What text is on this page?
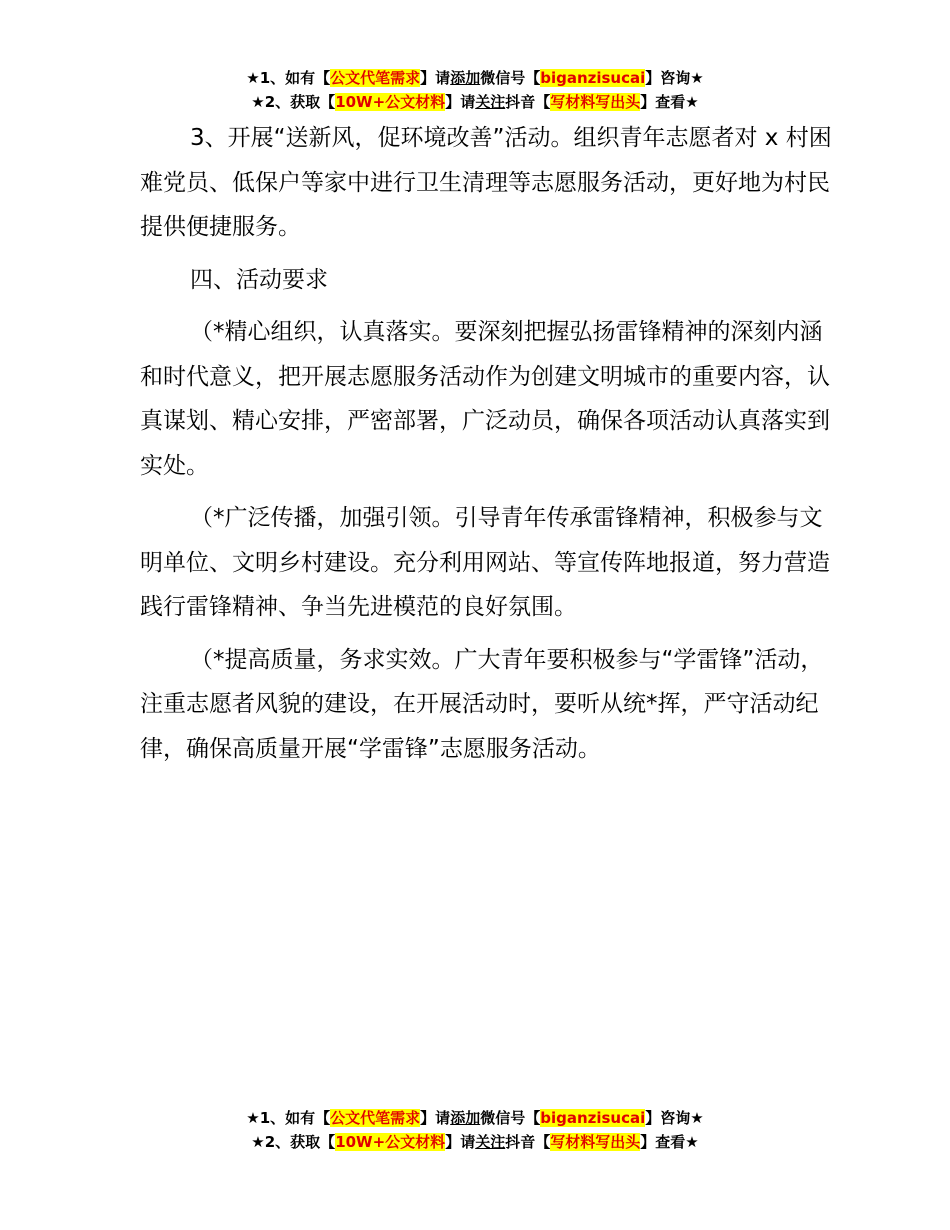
★1、如有【公文代笔需求】请添加微信号【biganzisucai】咨询★
★2、获取【10W+公文材料】请关注抖音【写材料写出头】查看★

3、开展“送新风，促环境改善”活动。组织青年志愿者对 x 村困难党员、低保户等家中进行卫生清理等志愿服务活动，更好地为村民提供便捷服务。

四、活动要求

（*精心组织，认真落实。要深刻把握弘扬雷锋精神的深刻内涵和时代意义，把开展志愿服务活动作为创建文明城市的重要内容，认真谋划、精心安排，严密部署，广泛动员，确保各项活动认真落实到实处。

（*广泛传播，加强引领。引导青年传承雷锋精神，积极参与文明单位、文明乡村建设。充分利用网站、等宣传阵地报道，努力营造践行雷锋精神、争当先进模范的良好氛围。

（*提高质量，务求实效。广大青年要积极参与“学雷锋”活动，注重志愿者风貌的建设，在开展活动时，要听从统*挥，严守活动纪律，确保高质量开展“学雷锋”志愿服务活动。

★1、如有【公文代笔需求】请添加微信号【biganzisucai】咨询★
★2、获取【10W+公文材料】请关注抖音【写材料写出头】查看★
